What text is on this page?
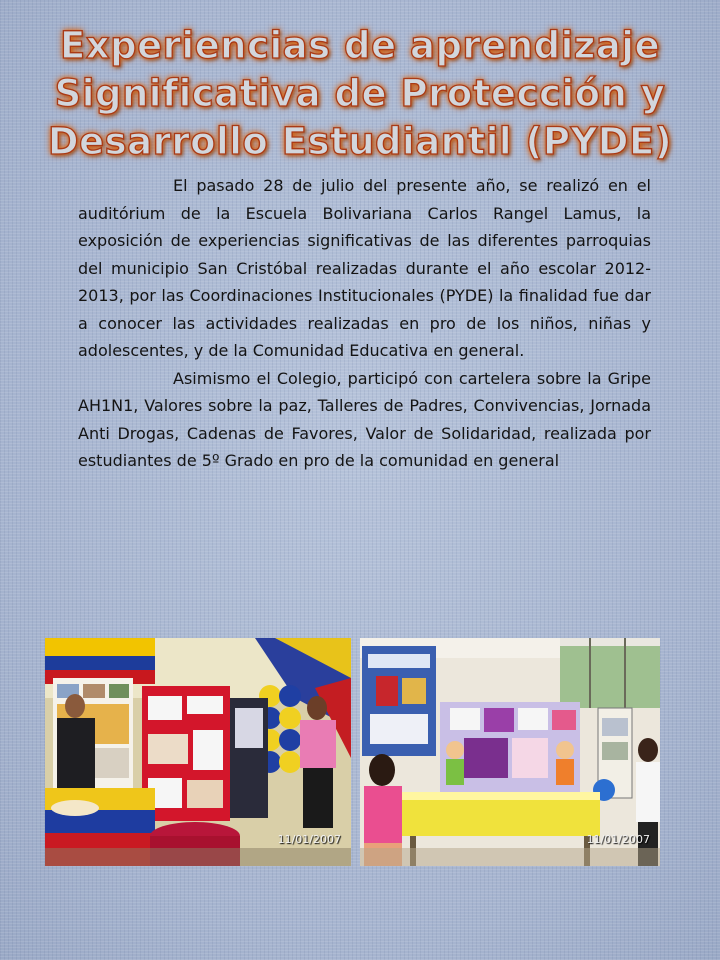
Experiencias de aprendizaje
Significativa de Protección y
Desarrollo Estudiantil (PYDE)

El pasado 28 de julio del presente año, se realizó en el auditórium de la Escuela Bolivariana Carlos Rangel Lamus, la exposición de experiencias significativas de las diferentes parroquias del municipio San Cristóbal realizadas durante el año escolar 2012-2013, por las Coordinaciones Institucionales (PYDE) la finalidad fue dar a conocer las actividades realizadas en pro de los niños, niñas y adolescentes, y de la Comunidad Educativa en general.

Asimismo el Colegio, participó con cartelera sobre la Gripe AH1N1, Valores sobre la paz, Talleres de Padres, Convivencias, Jornada Anti Drogas, Cadenas de Favores, Valor de Solidaridad, realizada por estudiantes de 5º Grado en pro de la comunidad en general

11/01/2007	11/01/2007
